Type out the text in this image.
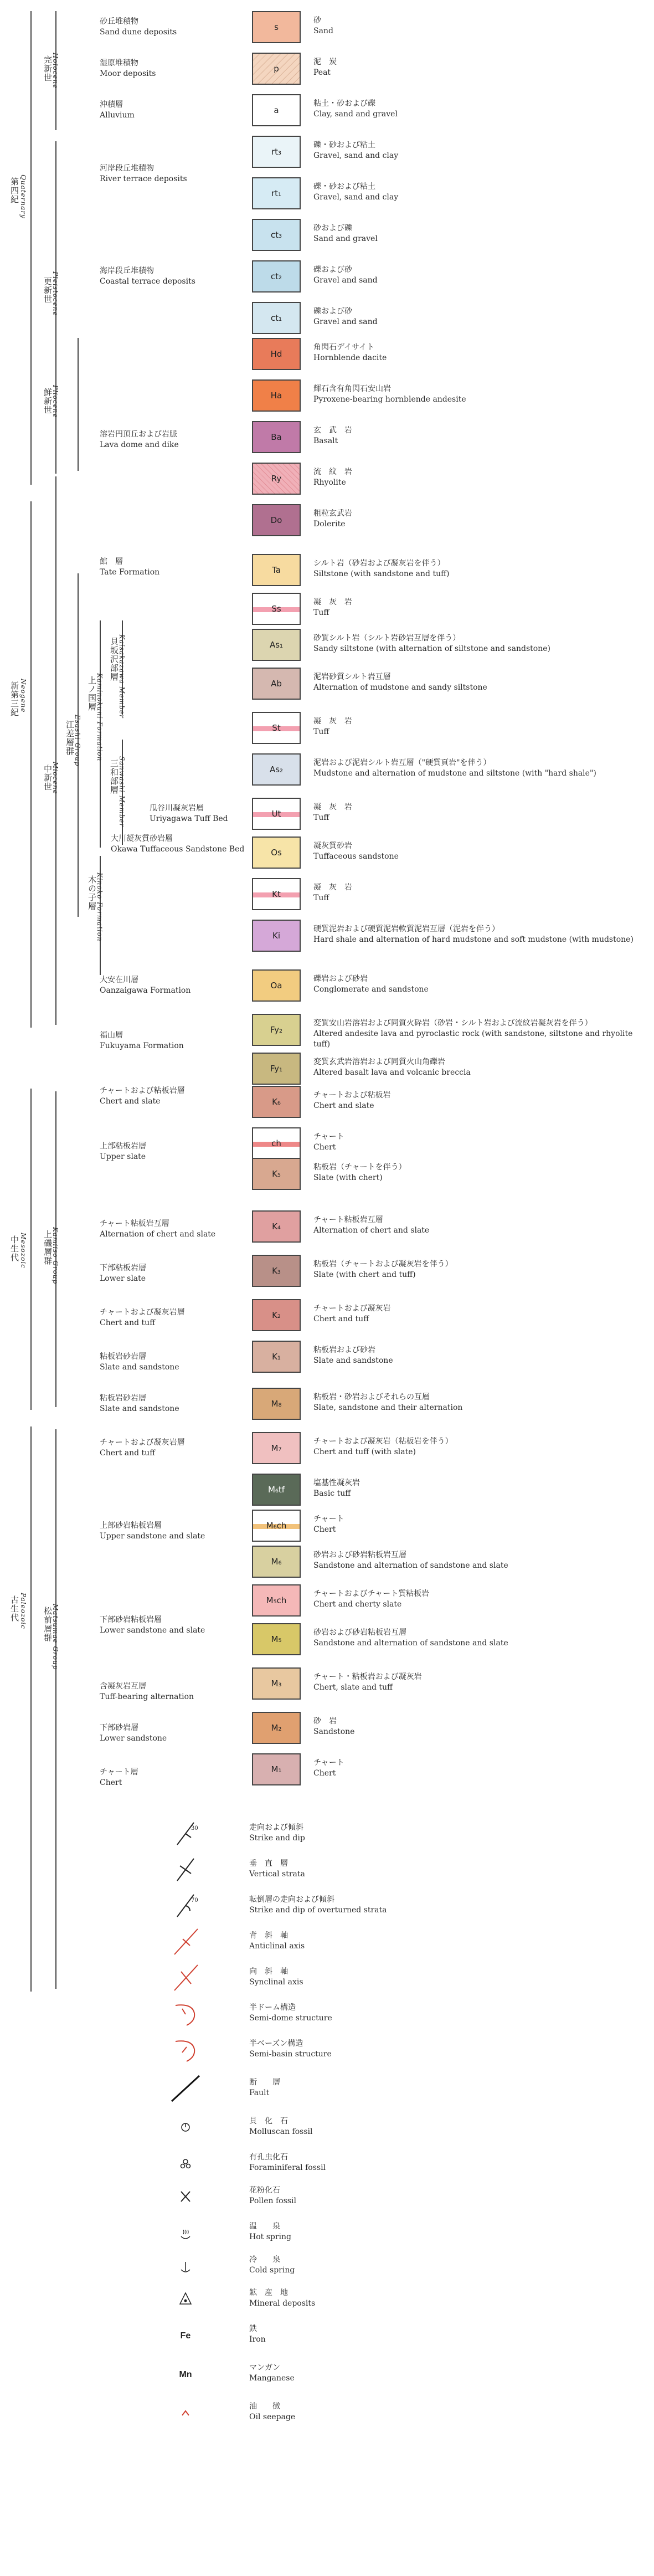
第四紀 Quaternary
新第三紀 Neogene
中生代 Mesozoic
古生代 Paleozoic
完新世
Holocene
更新世
Pleistocene
鮮新世
Pliocene
中新世
Miocene
江差層群
Esashi Group
上磯層群
Kamiiso Group
松前層群
Matsumae Group
貝坂沢部層
Kaisakazawa Member
三和部層
Sanwashi Member
上ノ国層
Kaminokuni Formation
木の子層
Kinoko Formation
砂丘堆積物
Sand dune deposits
湿原堆積物
Moor deposits
沖積層
Alluvium
河岸段丘堆積物
River terrace deposits
海岸段丘堆積物
Coastal terrace deposits
溶岩円頂丘および岩脈
Lava dome and dike
館　層
Tate Formation
瓜谷川凝灰岩層
Uriyagawa Tuff Bed
大川凝灰質砂岩層
Okawa Tuffaceous Sandstone Bed
大安在川層
Oanzaigawa Formation
福山層
Fukuyama Formation
チャートおよび粘板岩層
Chert and slate
上部粘板岩層
Upper slate
チャート粘板岩互層
Alternation of chert and slate
下部粘板岩層
Lower slate
チャートおよび凝灰岩層
Chert and tuff
粘板岩砂岩層
Slate and sandstone
粘板岩砂岩層
Slate and sandstone
チャートおよび凝灰岩層
Chert and tuff
上部砂岩粘板岩層
Upper sandstone and slate
下部砂岩粘板岩層
Lower sandstone and slate
含凝灰岩互層
Tuff-bearing alternation
下部砂岩層
Lower sandstone
チャート層
Chert
s
砂
Sand
p
泥　炭
Peat
a
粘土・砂および礫
Clay, sand and gravel
rt₃
礫・砂および粘土
Gravel, sand and clay
rt₁
礫・砂および粘土
Gravel, sand and clay
ct₃
砂および礫
Sand and gravel
ct₂
礫および砂
Gravel and sand
ct₁
礫および砂
Gravel and sand
Hd
角閃石デイサイト
Hornblende dacite
Ha
輝石含有角閃石安山岩
Pyroxene-bearing hornblende andesite
Ba
玄　武　岩
Basalt
Ry
流　紋　岩
Rhyolite
Do
粗粒玄武岩
Dolerite
Ta
シルト岩（砂岩および凝灰岩を伴う）
Siltstone (with sandstone and tuff)
Ss
凝　灰　岩
Tuff
As₁
砂質シルト岩（シルト岩砂岩互層を伴う）
Sandy siltstone (with alternation of siltstone and sandstone)
Ab
泥岩砂質シルト岩互層
Alternation of mudstone and sandy siltstone
St
凝　灰　岩
Tuff
As₂
泥岩および泥岩シルト岩互層（"硬質頁岩"を伴う）
Mudstone and alternation of mudstone and siltstone (with "hard shale")
Ut
凝　灰　岩
Tuff
Os
凝灰質砂岩
Tuffaceous sandstone
Kt
凝　灰　岩
Tuff
Ki
硬質泥岩および硬質泥岩軟質泥岩互層（泥岩を伴う）
Hard shale and alternation of hard mudstone and soft mudstone (with mudstone)
Oa
礫岩および砂岩
Conglomerate and sandstone
Fy₂
変質安山岩溶岩および同質火砕岩（砂岩・シルト岩および流紋岩凝灰岩を伴う）
Altered andesite lava and pyroclastic rock (with sandstone, siltstone and rhyolite tuff)
Fy₁
変質玄武岩溶岩および同質火山角礫岩
Altered basalt lava and volcanic breccia
K₆
チャートおよび粘板岩
Chert and slate
ch
チャート
Chert
K₅
粘板岩（チャートを伴う）
Slate (with chert)
K₄
チャート粘板岩互層
Alternation of chert and slate
K₃
粘板岩（チャートおよび凝灰岩を伴う）
Slate (with chert and tuff)
K₂
チャートおよび凝灰岩
Chert and tuff
K₁
粘板岩および砂岩
Slate and sandstone
M₈
粘板岩・砂岩およびそれらの互層
Slate, sandstone and their alternation
M₇
チャートおよび凝灰岩（粘板岩を伴う）
Chert and tuff (with slate)
M₆tf
塩基性凝灰岩
Basic tuff
M₆ch
チャート
Chert
M₆
砂岩および砂岩粘板岩互層
Sandstone and alternation of sandstone and slate
M₅ch
チャートおよびチャート質粘板岩
Chert and cherty slate
M₅
砂岩および砂岩粘板岩互層
Sandstone and alternation of sandstone and slate
M₃
チャート・粘板岩および凝灰岩
Chert, slate and tuff
M₂
砂　岩
Sandstone
M₁
チャート
Chert
30	走向および傾斜
Strike and dip
垂　直　層
Vertical strata
70	転倒層の走向および傾斜
Strike and dip of overturned strata
背　斜　軸
Anticlinal axis
向　斜　軸
Synclinal axis
半ドーム構造
Semi-dome structure
半ベーズン構造
Semi-basin structure
断　　層
Fault
貝　化　石
Molluscan fossil
有孔虫化石
Foraminiferal fossil
花粉化石
Pollen fossil
温　　泉
Hot spring
冷　　泉
Cold spring
鉱　産　地
Mineral deposits
Fe
鉄
Iron
Mn
マンガン
Manganese
油　　徴
Oil seepage
